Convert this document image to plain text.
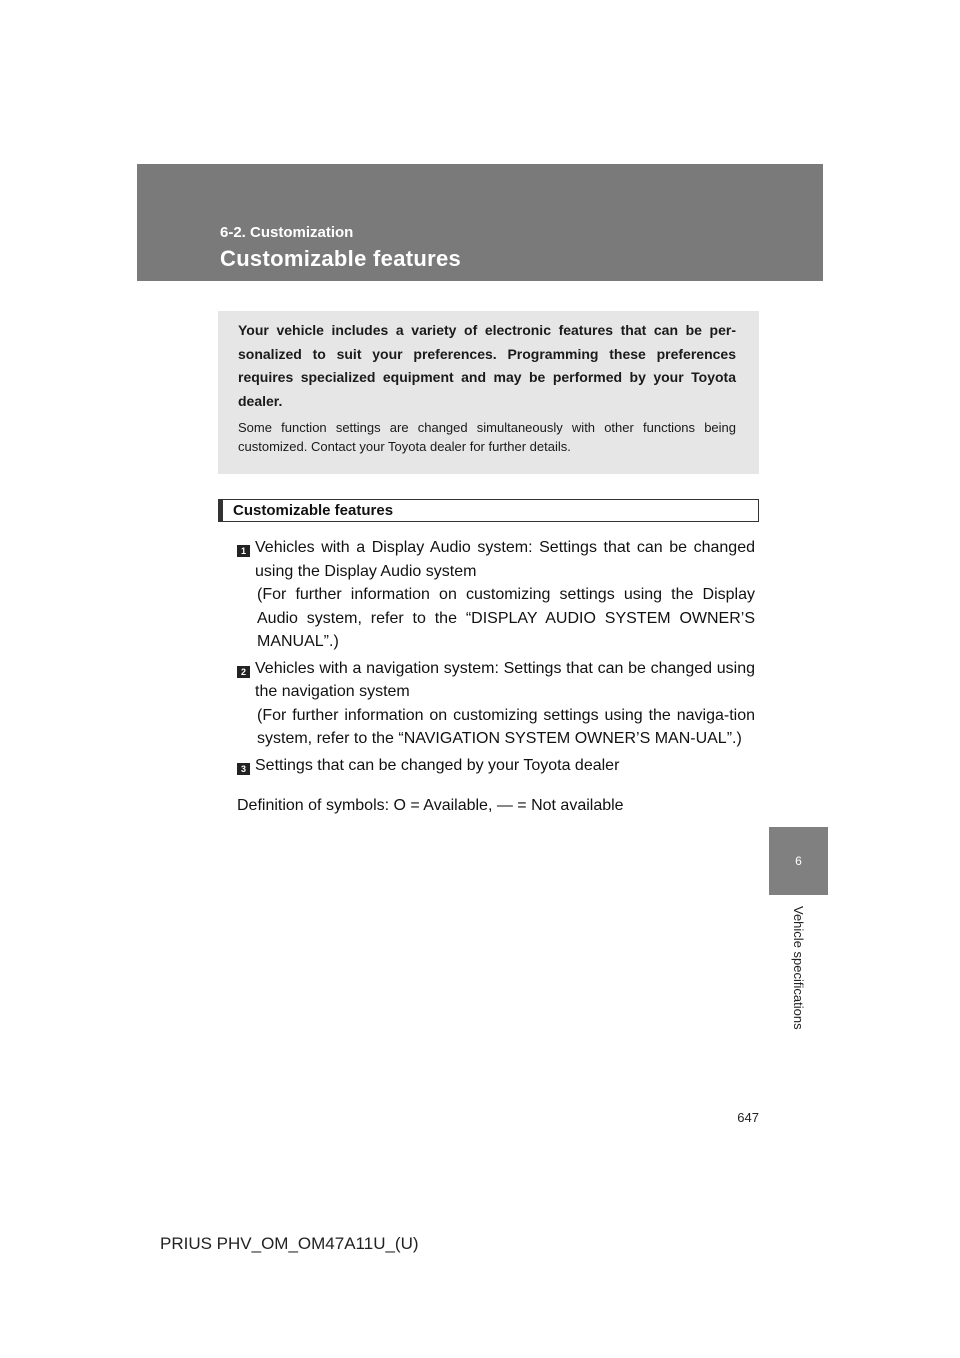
6-2. Customization
Customizable features

Your vehicle includes a variety of electronic features that can be per-sonalized to suit your preferences. Programming these preferences requires specialized equipment and may be performed by your Toyota dealer.

Some function settings are changed simultaneously with other functions being customized. Contact your Toyota dealer for further details.

Customizable features
1 Vehicles with a Display Audio system: Settings that can be changed using the Display Audio system
(For further information on customizing settings using the Display Audio system, refer to the “DISPLAY AUDIO SYSTEM OWNER’S MANUAL”.)
2 Vehicles with a navigation system: Settings that can be changed using the navigation system
(For further information on customizing settings using the naviga-tion system, refer to the “NAVIGATION SYSTEM OWNER’S MAN-UAL”.)
3 Settings that can be changed by your Toyota dealer
Definition of symbols: O = Available, — = Not available
6
Vehicle specifications
647
PRIUS PHV_OM_OM47A11U_(U)
